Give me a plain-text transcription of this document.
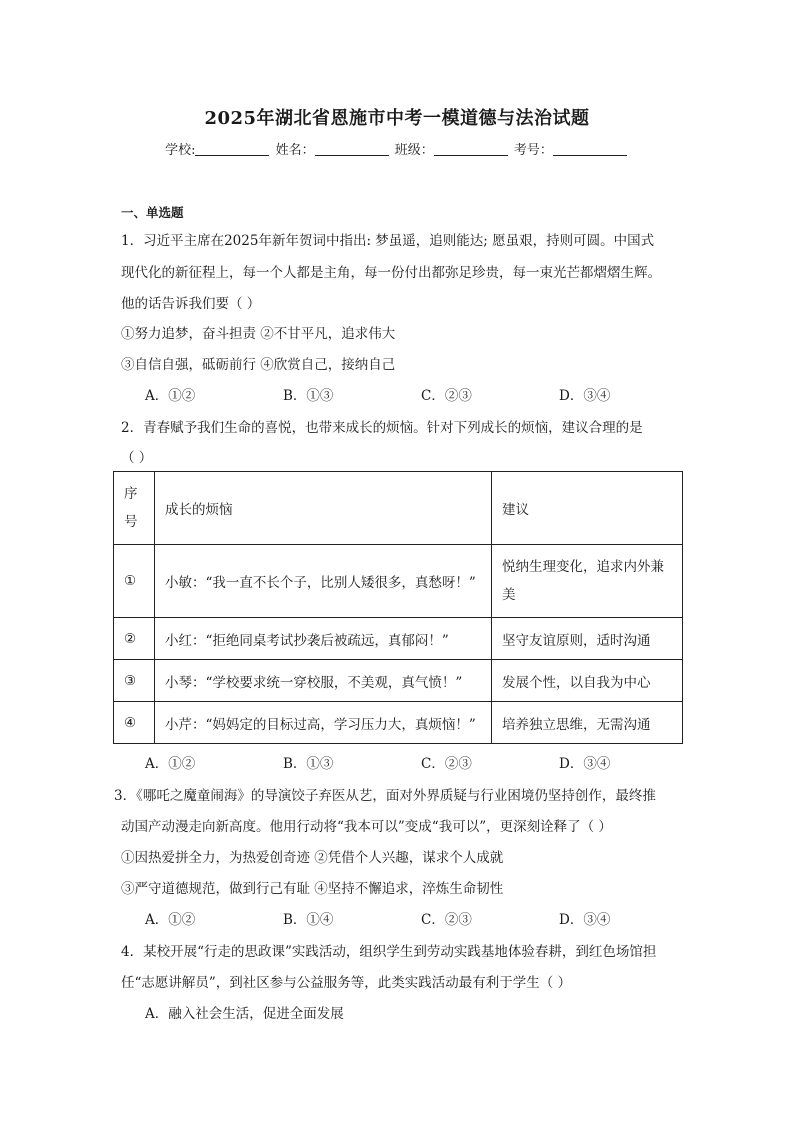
2025年湖北省恩施市中考一模道德与法治试题
学校:	姓名：	班级：	考号：
一、单选题
1．习近平主席在2025年新年贺词中指出: 梦虽遥，追则能达; 愿虽艰，持则可圆。中国式
现代化的新征程上，每一个人都是主角，每一份付出都弥足珍贵，每一束光芒都熠熠生辉。
他的话告诉我们要（ ）
①努力追梦，奋斗担责 ②不甘平凡，追求伟大
③自信自强，砥砺前行 ④欣赏自己，接纳自己
A．①②	B．①③	C．②③	D．③④
2．青春赋予我们生命的喜悦，也带来成长的烦恼。针对下列成长的烦恼，建议合理的是
（ ）
序
号	成长的烦恼	建议
①	小敏：“我一直不长个子，比别人矮很多，真愁呀！”	悦纳生理变化，追求内外兼
美
②	小红：“拒绝同桌考试抄袭后被疏远，真郁闷！”	坚守友谊原则，适时沟通
③	小琴：“学校要求统一穿校服，不美观，真气愤！”	发展个性，以自我为中心
④	小芹：“妈妈定的目标过高，学习压力大，真烦恼！”	培养独立思维，无需沟通
A．①②	B．①③	C．②③	D．③④
3．《哪吒之魔童闹海》的导演饺子弃医从艺，面对外界质疑与行业困境仍坚持创作，最终推
动国产动漫走向新高度。他用行动将“我本可以”变成“我可以”，更深刻诠释了（ ）
①因热爱拼全力，为热爱创奇迹 ②凭借个人兴趣，谋求个人成就
③严守道德规范，做到行己有耻 ④坚持不懈追求，淬炼生命韧性
A．①②	B．①④	C．②③	D．③④
4．某校开展“行走的思政课”实践活动，组织学生到劳动实践基地体验春耕，到红色场馆担
任“志愿讲解员”，到社区参与公益服务等，此类实践活动最有利于学生（ ）
A．融入社会生活，促进全面发展
